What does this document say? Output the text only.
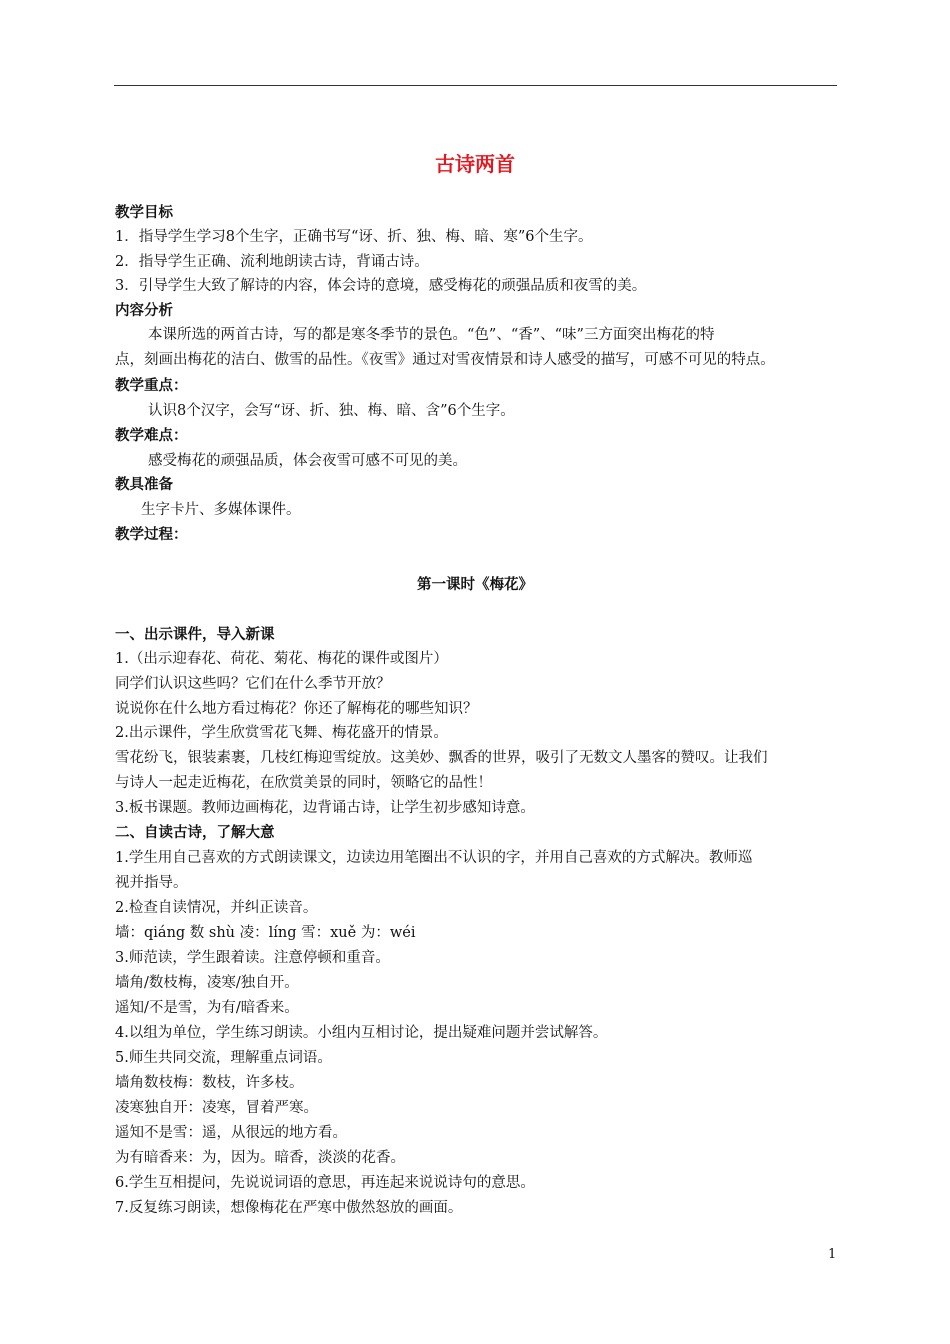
古诗两首
教学目标
1．指导学生学习8个生字，正确书写“讶、折、独、梅、暗、寒”6个生字。
2．指导学生正确、流利地朗读古诗，背诵古诗。
3．引导学生大致了解诗的内容，体会诗的意境，感受梅花的顽强品质和夜雪的美。
内容分析
本课所选的两首古诗，写的都是寒冬季节的景色。“色”、“香”、“味”三方面突出梅花的特
点，刻画出梅花的洁白、傲雪的品性。《夜雪》通过对雪夜情景和诗人感受的描写，可感不可见的特点。
教学重点：
认识8个汉字，会写“讶、折、独、梅、暗、含”6个生字。
教学难点：
感受梅花的顽强品质，体会夜雪可感不可见的美。
教具准备
生字卡片、多媒体课件。
教学过程：
第一课时《梅花》
一、出示课件，导入新课
1.（出示迎春花、荷花、菊花、梅花的课件或图片）
同学们认识这些吗？它们在什么季节开放？
说说你在什么地方看过梅花？你还了解梅花的哪些知识？
2.出示课件，学生欣赏雪花飞舞、梅花盛开的情景。
雪花纷飞，银装素裹，几枝红梅迎雪绽放。这美妙、飘香的世界，吸引了无数文人墨客的赞叹。让我们
与诗人一起走近梅花，在欣赏美景的同时，领略它的品性！
3.板书课题。教师边画梅花，边背诵古诗，让学生初步感知诗意。
二、自读古诗，了解大意
1.学生用自己喜欢的方式朗读课文，边读边用笔圈出不认识的字，并用自己喜欢的方式解决。教师巡
视并指导。
2.检查自读情况，并纠正读音。
墙：qiáng 数 shù 凌：líng 雪：xuě 为：wéi
3.师范读，学生跟着读。注意停顿和重音。
墙角/数枝梅，凌寒/独自开。
遥知/不是雪，为有/暗香来。
4.以组为单位，学生练习朗读。小组内互相讨论，提出疑难问题并尝试解答。
5.师生共同交流，理解重点词语。
墙角数枝梅：数枝，许多枝。
凌寒独自开：凌寒，冒着严寒。
遥知不是雪：遥，从很远的地方看。
为有暗香来：为，因为。暗香，淡淡的花香。
6.学生互相提问，先说说词语的意思，再连起来说说诗句的意思。
7.反复练习朗读，想像梅花在严寒中傲然怒放的画面。
1
